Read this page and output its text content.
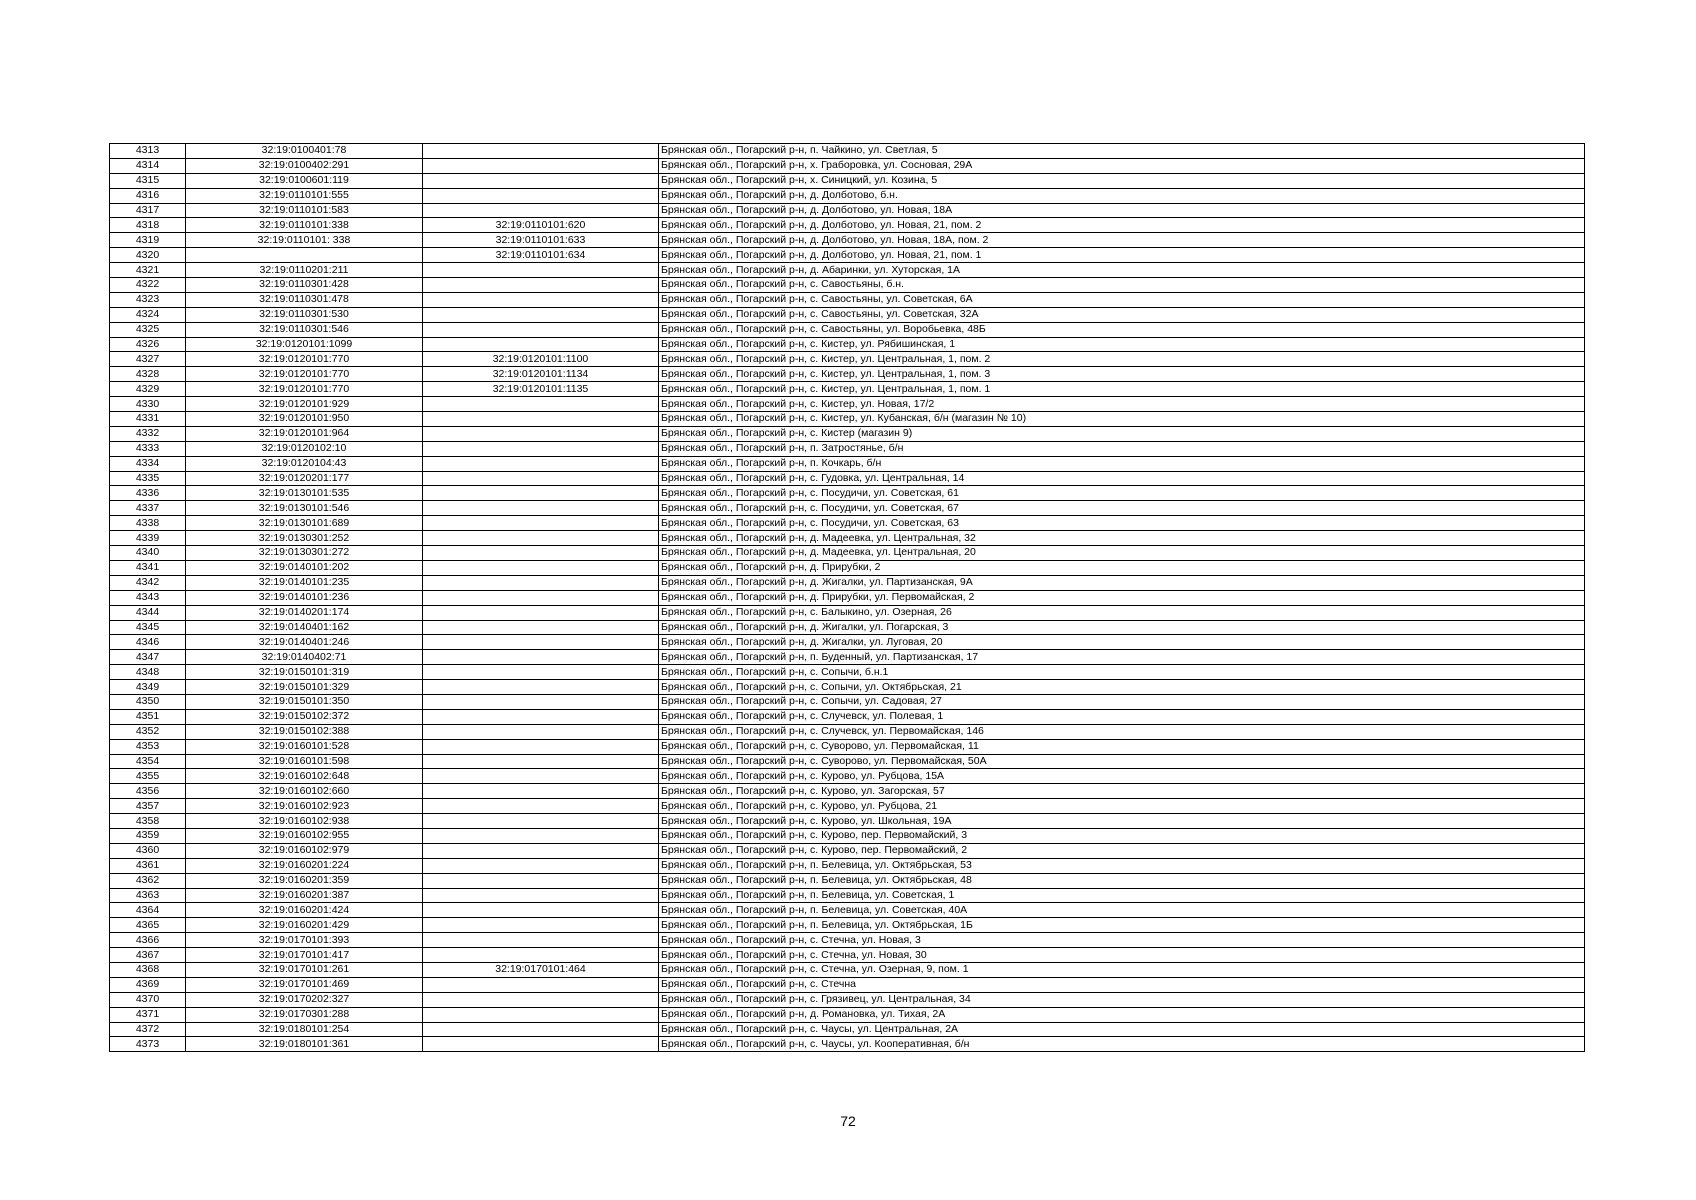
4313	32:19:0100401:78		Брянская обл., Погарский р-н, п. Чайкино, ул. Светлая, 5
4314	32:19:0100402:291		Брянская обл., Погарский р-н, х. Граборовка, ул. Сосновая, 29А
4315	32:19:0100601:119		Брянская обл., Погарский р-н, х. Синицкий, ул. Козина, 5
4316	32:19:0110101:555		Брянская обл., Погарский р-н, д. Долботово, б.н.
4317	32:19:0110101:583		Брянская обл., Погарский р-н, д. Долботово, ул. Новая, 18А
4318	32:19:0110101:338	32:19:0110101:620	Брянская обл., Погарский р-н, д. Долботово, ул. Новая, 21, пом. 2
4319	32:19:0110101: 338	32:19:0110101:633	Брянская обл., Погарский р-н, д. Долботово, ул. Новая, 18А, пом. 2
4320		32:19:0110101:634	Брянская обл., Погарский р-н, д. Долботово, ул. Новая, 21, пом. 1
4321	32:19:0110201:211		Брянская обл., Погарский р-н, д. Абаринки, ул. Хуторская, 1А
4322	32:19:0110301:428		Брянская обл., Погарский р-н, с. Савостьяны, б.н.
4323	32:19:0110301:478		Брянская обл., Погарский р-н, с. Савостьяны, ул. Советская, 6А
4324	32:19:0110301:530		Брянская обл., Погарский р-н, с. Савостьяны, ул. Советская, 32А
4325	32:19:0110301:546		Брянская обл., Погарский р-н, с. Савостьяны, ул. Воробьевка, 48Б
4326	32:19:0120101:1099		Брянская обл., Погарский р-н, с. Кистер, ул. Рябишинская, 1
4327	32:19:0120101:770	32:19:0120101:1100	Брянская обл., Погарский р-н, с. Кистер, ул. Центральная, 1, пом. 2
4328	32:19:0120101:770	32:19:0120101:1134	Брянская обл., Погарский р-н, с. Кистер, ул. Центральная, 1, пом. 3
4329	32:19:0120101:770	32:19:0120101:1135	Брянская обл., Погарский р-н, с. Кистер, ул. Центральная, 1, пом. 1
4330	32:19:0120101:929		Брянская обл., Погарский р-н, с. Кистер, ул. Новая, 17/2
4331	32:19:0120101:950		Брянская обл., Погарский р-н, с. Кистер, ул. Кубанская, б/н (магазин № 10)
4332	32:19:0120101:964		Брянская обл., Погарский р-н, с. Кистер (магазин 9)
4333	32:19:0120102:10		Брянская обл., Погарский р-н, п. Затростянье, б/н
4334	32:19:0120104:43		Брянская обл., Погарский р-н, п. Кочкарь, б/н
4335	32:19:0120201:177		Брянская обл., Погарский р-н, с. Гудовка, ул. Центральная, 14
4336	32:19:0130101:535		Брянская обл., Погарский р-н, с. Посудичи, ул. Советская, 61
4337	32:19:0130101:546		Брянская обл., Погарский р-н, с. Посудичи, ул. Советская, 67
4338	32:19:0130101:689		Брянская обл., Погарский р-н, с. Посудичи, ул. Советская, 63
4339	32:19:0130301:252		Брянская обл., Погарский р-н, д. Мадеевка, ул. Центральная, 32
4340	32:19:0130301:272		Брянская обл., Погарский р-н, д. Мадеевка, ул. Центральная, 20
4341	32:19:0140101:202		Брянская обл., Погарский р-н, д. Прирубки, 2
4342	32:19:0140101:235		Брянская обл., Погарский р-н, д. Жигалки, ул. Партизанская, 9А
4343	32:19:0140101:236		Брянская обл., Погарский р-н, д. Прирубки, ул. Первомайская, 2
4344	32:19:0140201:174		Брянская обл., Погарский р-н, с. Балыкино, ул. Озерная, 26
4345	32:19:0140401:162		Брянская обл., Погарский р-н, д. Жигалки, ул. Погарская, 3
4346	32:19:0140401:246		Брянская обл., Погарский р-н, д. Жигалки, ул. Луговая, 20
4347	32:19:0140402:71		Брянская обл., Погарский р-н, п. Буденный, ул. Партизанская, 17
4348	32:19:0150101:319		Брянская обл., Погарский р-н, с. Сопычи, б.н.1
4349	32:19:0150101:329		Брянская обл., Погарский р-н, с. Сопычи, ул. Октябрьская, 21
4350	32:19:0150101:350		Брянская обл., Погарский р-н, с. Сопычи, ул. Садовая, 27
4351	32:19:0150102:372		Брянская обл., Погарский р-н, с. Случевск, ул. Полевая, 1
4352	32:19:0150102:388		Брянская обл., Погарский р-н, с. Случевск, ул. Первомайская, 146
4353	32:19:0160101:528		Брянская обл., Погарский р-н, с. Суворово, ул. Первомайская, 11
4354	32:19:0160101:598		Брянская обл., Погарский р-н, с. Суворово, ул. Первомайская, 50А
4355	32:19:0160102:648		Брянская обл., Погарский р-н, с. Курово, ул. Рубцова, 15А
4356	32:19:0160102:660		Брянская обл., Погарский р-н, с. Курово, ул. Загорская, 57
4357	32:19:0160102:923		Брянская обл., Погарский р-н, с. Курово, ул. Рубцова, 21
4358	32:19:0160102:938		Брянская обл., Погарский р-н, с. Курово, ул. Школьная, 19А
4359	32:19:0160102:955		Брянская обл., Погарский р-н, с. Курово, пер. Первомайский, 3
4360	32:19:0160102:979		Брянская обл., Погарский р-н, с. Курово, пер. Первомайский, 2
4361	32:19:0160201:224		Брянская обл., Погарский р-н, п. Белевица, ул. Октябрьская, 53
4362	32:19:0160201:359		Брянская обл., Погарский р-н, п. Белевица, ул. Октябрьская, 48
4363	32:19:0160201:387		Брянская обл., Погарский р-н, п. Белевица, ул. Советская, 1
4364	32:19:0160201:424		Брянская обл., Погарский р-н, п. Белевица, ул. Советская, 40А
4365	32:19:0160201:429		Брянская обл., Погарский р-н, п. Белевица, ул. Октябрьская, 1Б
4366	32:19:0170101:393		Брянская обл., Погарский р-н, с. Стечна, ул. Новая, 3
4367	32:19:0170101:417		Брянская обл., Погарский р-н, с. Стечна, ул. Новая, 30
4368	32:19:0170101:261	32:19:0170101:464	Брянская обл., Погарский р-н, с. Стечна, ул. Озерная, 9, пом. 1
4369	32:19:0170101:469		Брянская обл., Погарский р-н, с. Стечна
4370	32:19:0170202:327		Брянская обл., Погарский р-н, с. Грязивец, ул. Центральная, 34
4371	32:19:0170301:288		Брянская обл., Погарский р-н, д. Романовка, ул. Тихая, 2А
4372	32:19:0180101:254		Брянская обл., Погарский р-н, с. Чаусы, ул. Центральная, 2А
4373	32:19:0180101:361		Брянская обл., Погарский р-н, с. Чаусы, ул. Кооперативная, б/н
72
